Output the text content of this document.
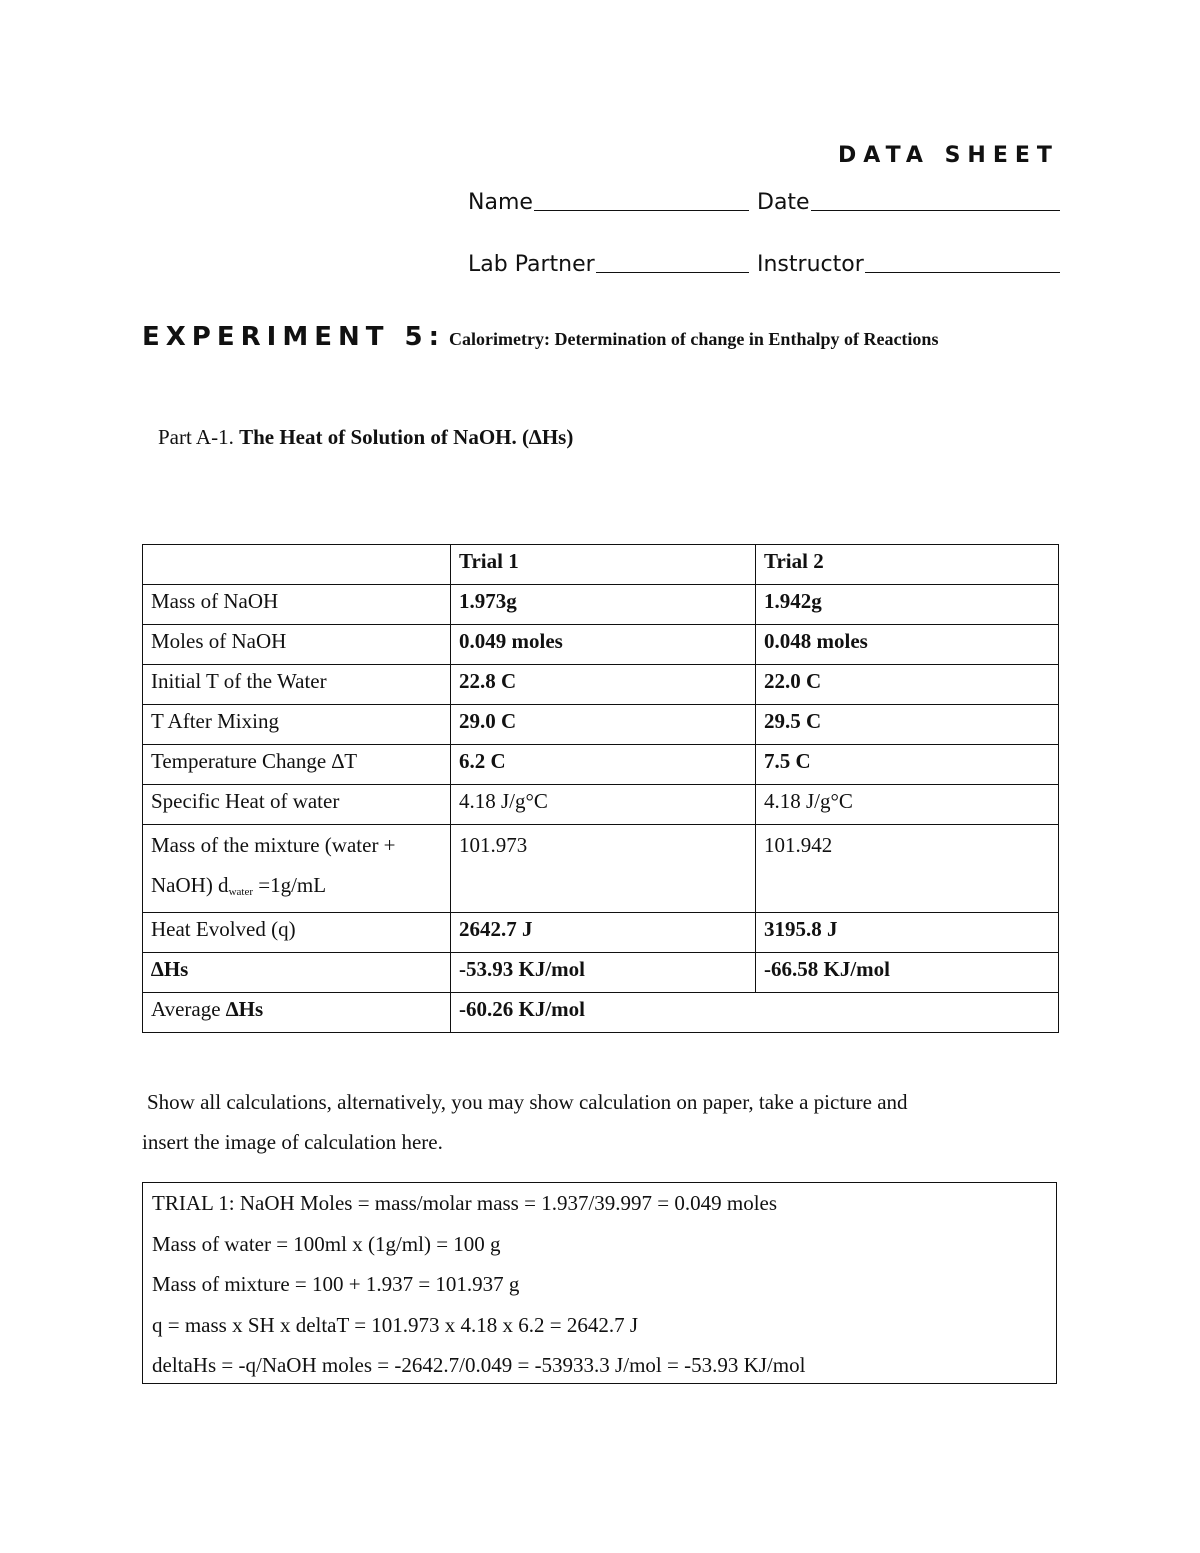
DATA SHEET
Name	Date
Lab Partner	Instructor
EXPERIMENT 5: Calorimetry: Determination of change in Enthalpy of Reactions
Part A-1. The Heat of Solution of NaOH. (∆Hs)
	Trial 1	Trial 2
Mass of NaOH	1.973g	1.942g
Moles of NaOH	0.049 moles	0.048 moles
Initial T of the Water	22.8 C	22.0 C
T After Mixing	29.0 C	29.5 C
Temperature Change ∆T	6.2 C	7.5 C
Specific Heat of water	4.18 J/g°C	4.18 J/g°C
Mass of the mixture (water +
NaOH) $d_{water} =1g/mL$	101.973	101.942
Heat Evolved (q)	2642.7 J	3195.8 J
∆Hs	-53.93 KJ/mol	-66.58 KJ/mol
Average ∆Hs	-60.26 KJ/mol	
Show all calculations, alternatively, you may show calculation on paper, take a picture and
insert the image of calculation here.
TRIAL 1: NaOH Moles = mass/molar mass = 1.937/39.997 = 0.049 moles
Mass of water = 100ml x (1g/ml) = 100 g
Mass of mixture = 100 + 1.937 = 101.937 g
q = mass x SH x deltaT = 101.973 x 4.18 x 6.2 = 2642.7 J
deltaHs = -q/NaOH moles = -2642.7/0.049 = -53933.3 J/mol = -53.93 KJ/mol
